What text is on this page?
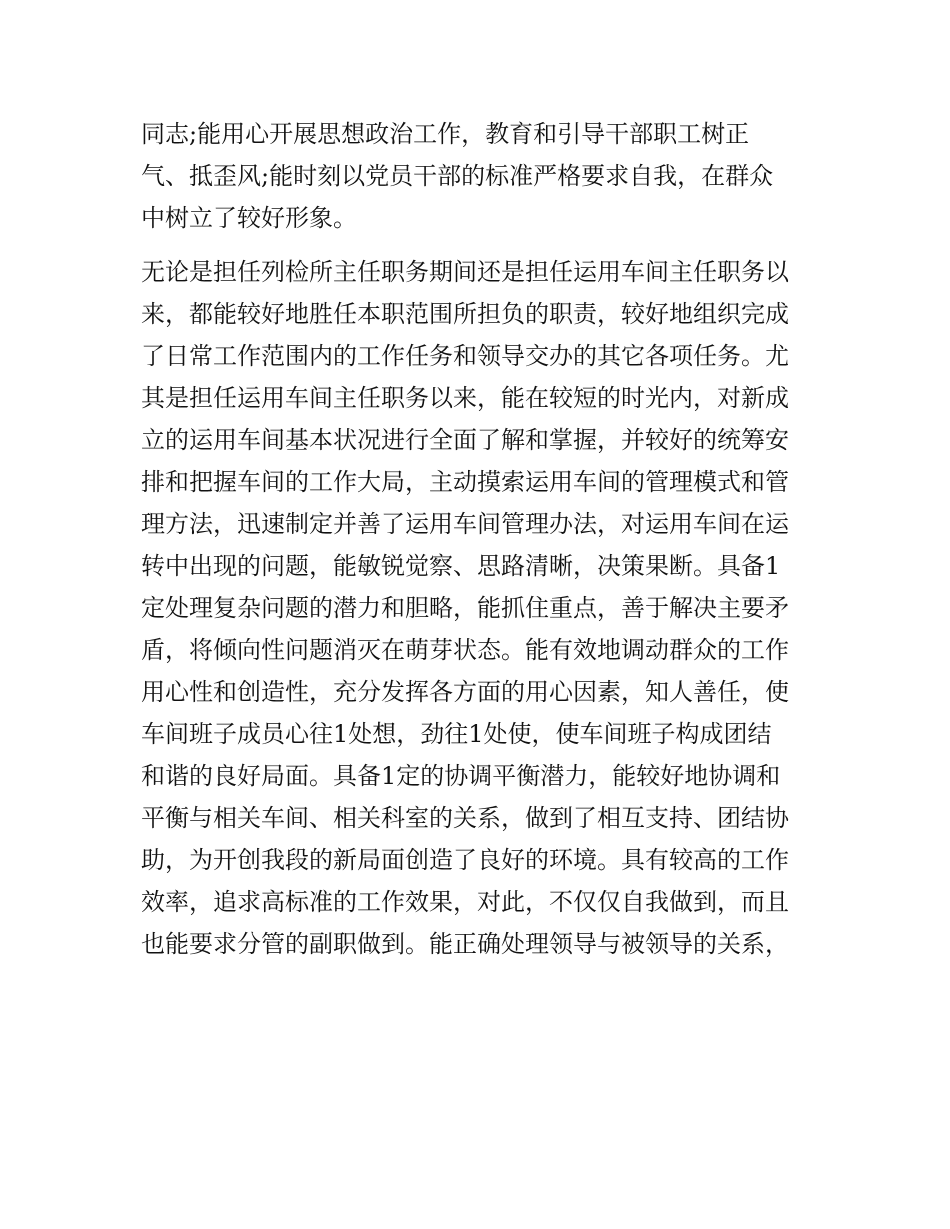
同志;能用心开展思想政治工作，教育和引导干部职工树正

气、抵歪风;能时刻以党员干部的标准严格要求自我，在群众

中树立了较好形象。

无论是担任列检所主任职务期间还是担任运用车间主任职务以

来，都能较好地胜任本职范围所担负的职责，较好地组织完成

了日常工作范围内的工作任务和领导交办的其它各项任务。尤

其是担任运用车间主任职务以来，能在较短的时光内，对新成

立的运用车间基本状况进行全面了解和掌握，并较好的统筹安

排和把握车间的工作大局，主动摸索运用车间的管理模式和管

理方法，迅速制定并善了运用车间管理办法，对运用车间在运

转中出现的问题，能敏锐觉察、思路清晰，决策果断。具备1

定处理复杂问题的潜力和胆略，能抓住重点，善于解决主要矛

盾，将倾向性问题消灭在萌芽状态。能有效地调动群众的工作

用心性和创造性，充分发挥各方面的用心因素，知人善任，使

车间班子成员心往1处想，劲往1处使，使车间班子构成团结

和谐的良好局面。具备1定的协调平衡潜力，能较好地协调和

平衡与相关车间、相关科室的关系，做到了相互支持、团结协

助，为开创我段的新局面创造了良好的环境。具有较高的工作

效率，追求高标准的工作效果，对此，不仅仅自我做到，而且

也能要求分管的副职做到。能正确处理领导与被领导的关系，
